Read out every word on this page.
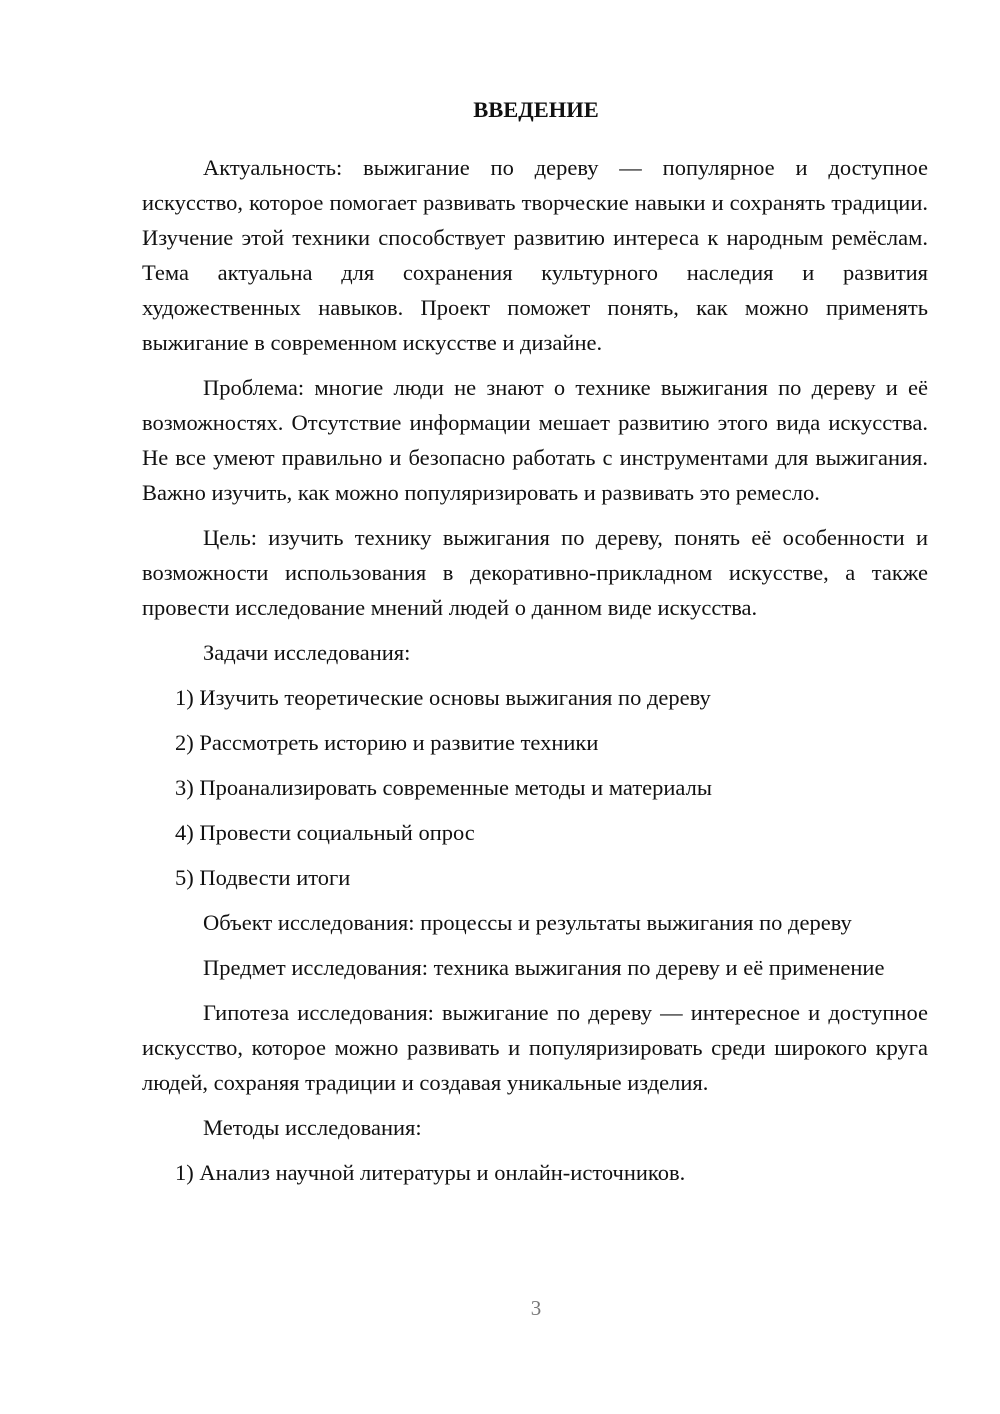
ВВЕДЕНИЕ

Актуальность: выжигание по дереву — популярное и доступное искусство, которое помогает развивать творческие навыки и сохранять традиции. Изучение этой техники способствует развитию интереса к народным ремёслам. Тема актуальна для сохранения культурного наследия и развития художественных навыков. Проект поможет понять, как можно применять выжигание в современном искусстве и дизайне.

Проблема: многие люди не знают о технике выжигания по дереву и её возможностях. Отсутствие информации мешает развитию этого вида искусства. Не все умеют правильно и безопасно работать с инструментами для выжигания. Важно изучить, как можно популяризировать и развивать это ремесло.

Цель: изучить технику выжигания по дереву, понять её особенности и возможности использования в декоративно-прикладном искусстве, а также провести исследование мнений людей о данном виде искусства.

Задачи исследования:

1) Изучить теоретические основы выжигания по дереву
2) Рассмотреть историю и развитие техники
3) Проанализировать современные методы и материалы
4) Провести социальный опрос
5) Подвести итоги

Объект исследования: процессы и результаты выжигания по дереву

Предмет исследования: техника выжигания по дереву и её применение

Гипотеза исследования: выжигание по дереву — интересное и доступное искусство, которое можно развивать и популяризировать среди широкого круга людей, сохраняя традиции и создавая уникальные изделия.

Методы исследования:

1) Анализ научной литературы и онлайн-источников.
3
